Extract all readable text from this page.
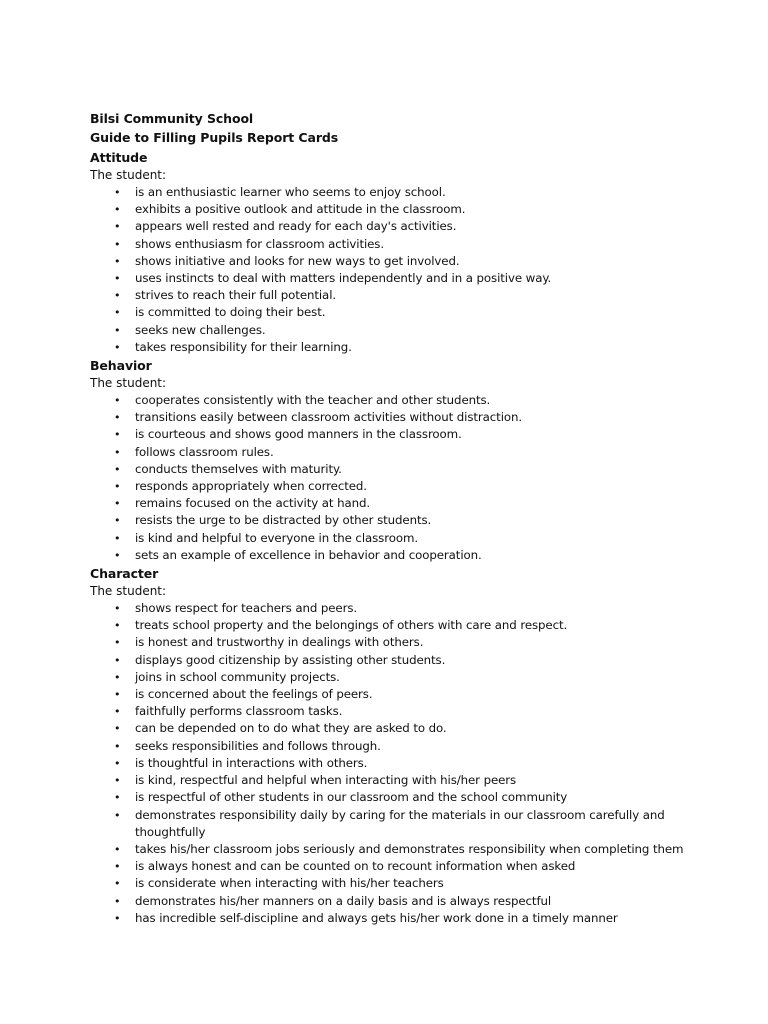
Bilsi Community School
Guide to Filling Pupils Report Cards
Attitude
The student:
• is an enthusiastic learner who seems to enjoy school.
• exhibits a positive outlook and attitude in the classroom.
• appears well rested and ready for each day's activities.
• shows enthusiasm for classroom activities.
• shows initiative and looks for new ways to get involved.
• uses instincts to deal with matters independently and in a positive way.
• strives to reach their full potential.
• is committed to doing their best.
• seeks new challenges.
• takes responsibility for their learning.
Behavior
The student:
• cooperates consistently with the teacher and other students.
• transitions easily between classroom activities without distraction.
• is courteous and shows good manners in the classroom.
• follows classroom rules.
• conducts themselves with maturity.
• responds appropriately when corrected.
• remains focused on the activity at hand.
• resists the urge to be distracted by other students.
• is kind and helpful to everyone in the classroom.
• sets an example of excellence in behavior and cooperation.
Character
The student:
• shows respect for teachers and peers.
• treats school property and the belongings of others with care and respect.
• is honest and trustworthy in dealings with others.
• displays good citizenship by assisting other students.
• joins in school community projects.
• is concerned about the feelings of peers.
• faithfully performs classroom tasks.
• can be depended on to do what they are asked to do.
• seeks responsibilities and follows through.
• is thoughtful in interactions with others.
• is kind, respectful and helpful when interacting with his/her peers
• is respectful of other students in our classroom and the school community
• demonstrates responsibility daily by caring for the materials in our classroom carefully and thoughtfully
• takes his/her classroom jobs seriously and demonstrates responsibility when completing them
• is always honest and can be counted on to recount information when asked
• is considerate when interacting with his/her teachers
• demonstrates his/her manners on a daily basis and is always respectful
• has incredible self-discipline and always gets his/her work done in a timely manner
